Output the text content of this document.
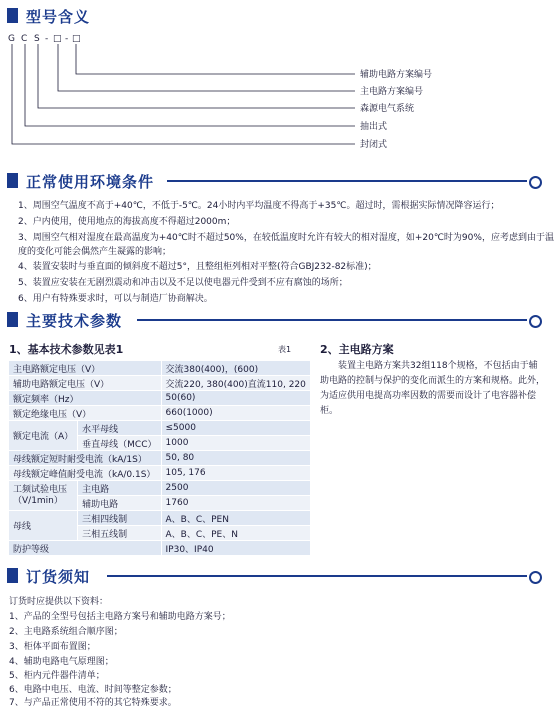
型号含义
G C S - □ - □
辅助电路方案编号
主电路方案编号
森源电气系统
抽出式
封闭式
正常使用环境条件
1、周围空气温度不高于+40℃，不低于-5℃。24小时内平均温度不得高于+35℃。超过时，需根据实际情况降容运行；
2、户内使用，使用地点的海拔高度不得超过2000m；
3、周围空气相对湿度在最高温度为+40℃时不超过50%，在较低温度时允许有较大的相对湿度，如+20℃时为90%，应考虑到由于温
度的变化可能会偶然产生凝露的影响；
4、装置安装时与垂直面的倾斜度不超过5°，且整组柜列相对平整(符合GBJ232-82标准)；
5、装置应安装在无剧烈震动和冲击以及不足以使电器元件受到不应有腐蚀的场所；
6、用户有特殊要求时，可以与制造厂协商解决。
主要技术参数
1、基本技术参数见表1	表1
主电路额定电压（V）		交流380(400)，(600)
辅助电路额定电压（V）		交流220, 380(400)直流110, 220
额定频率（Hz）		50(60)
额定绝缘电压（V）		660(1000)
额定电流（A）	水平母线	≤5000
	垂直母线（MCC）	1000
母线额定短时耐受电流（kA/1S）		50, 80
母线额定峰值耐受电流（kA/0.1S）		105, 176
工频试验电压（V/1min）	主电路	2500
	辅助电路	1760
母线	三相四线制	A、B、C、PEN
	三相五线制	A、B、C、PE、N
防护等级		IP30、IP40
2、主电路方案
装置主电路方案共32组118个规格，不包括由于辅助电路的控制与保护的变化而派生的方案和规格。此外，为适应供用电提高功率因数的需要而设计了电容器补偿柜。
订货须知
订货时应提供以下资料：
1、产品的全型号包括主电路方案号和辅助电路方案号；
2、主电路系统组合顺序图；
3、柜体平面布置图；
4、辅助电路电气原理图；
5、柜内元件器件清单；
6、电路中电压、电流、时间等整定参数；
7、与产品正常使用不符的其它特殊要求。
